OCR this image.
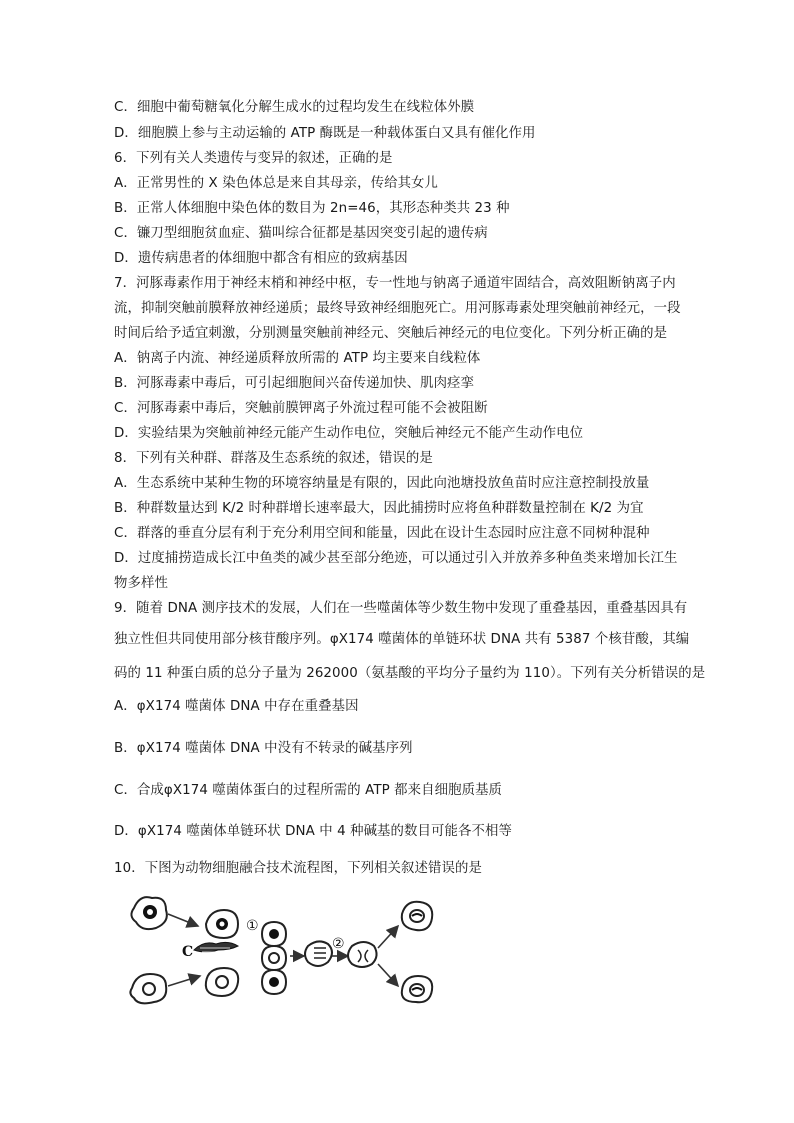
C．细胞中葡萄糖氧化分解生成水的过程均发生在线粒体外膜
D．细胞膜上参与主动运输的 ATP 酶既是一种载体蛋白又具有催化作用
6．下列有关人类遗传与变异的叙述，正确的是
A．正常男性的 X 染色体总是来自其母亲，传给其女儿
B．正常人体细胞中染色体的数目为 2n=46，其形态种类共 23 种
C．镰刀型细胞贫血症、猫叫综合征都是基因突变引起的遗传病
D．遗传病患者的体细胞中都含有相应的致病基因
7．河豚毒素作用于神经末梢和神经中枢，专一性地与钠离子通道牢固结合，高效阻断钠离子内
流，抑制突触前膜释放神经递质；最终导致神经细胞死亡。用河豚毒素处理突触前神经元，一段
时间后给予适宜刺激，分别测量突触前神经元、突触后神经元的电位变化。下列分析正确的是
A．钠离子内流、神经递质释放所需的 ATP 均主要来自线粒体
B．河豚毒素中毒后，可引起细胞间兴奋传递加快、肌肉痉挛
C．河豚毒素中毒后，突触前膜钾离子外流过程可能不会被阻断
D．实验结果为突触前神经元能产生动作电位，突触后神经元不能产生动作电位
8．下列有关种群、群落及生态系统的叙述，错误的是
A．生态系统中某种生物的环境容纳量是有限的，因此向池塘投放鱼苗时应注意控制投放量
B．种群数量达到 K/2 时种群增长速率最大，因此捕捞时应将鱼种群数量控制在 K/2 为宜
C．群落的垂直分层有利于充分利用空间和能量，因此在设计生态园时应注意不同树种混种
D．过度捕捞造成长江中鱼类的减少甚至部分绝迹，可以通过引入并放养多种鱼类来增加长江生
物多样性
9．随着 DNA 测序技术的发展，人们在一些噬菌体等少数生物中发现了重叠基因，重叠基因具有
独立性但共同使用部分核苷酸序列。φX174 噬菌体的单链环状 DNA 共有 5387 个核苷酸，其编
码的 11 种蛋白质的总分子量为 262000（氨基酸的平均分子量约为 110）。下列有关分析错误的是
A．φX174 噬菌体 DNA 中存在重叠基因
B．φX174 噬菌体 DNA 中没有不转录的碱基序列
C．合成φX174 噬菌体蛋白的过程所需的 ATP 都来自细胞质基质
D．φX174 噬菌体单链环状 DNA 中 4 种碱基的数目可能各不相等
10．下图为动物细胞融合技术流程图，下列相关叙述错误的是
C
①
②
